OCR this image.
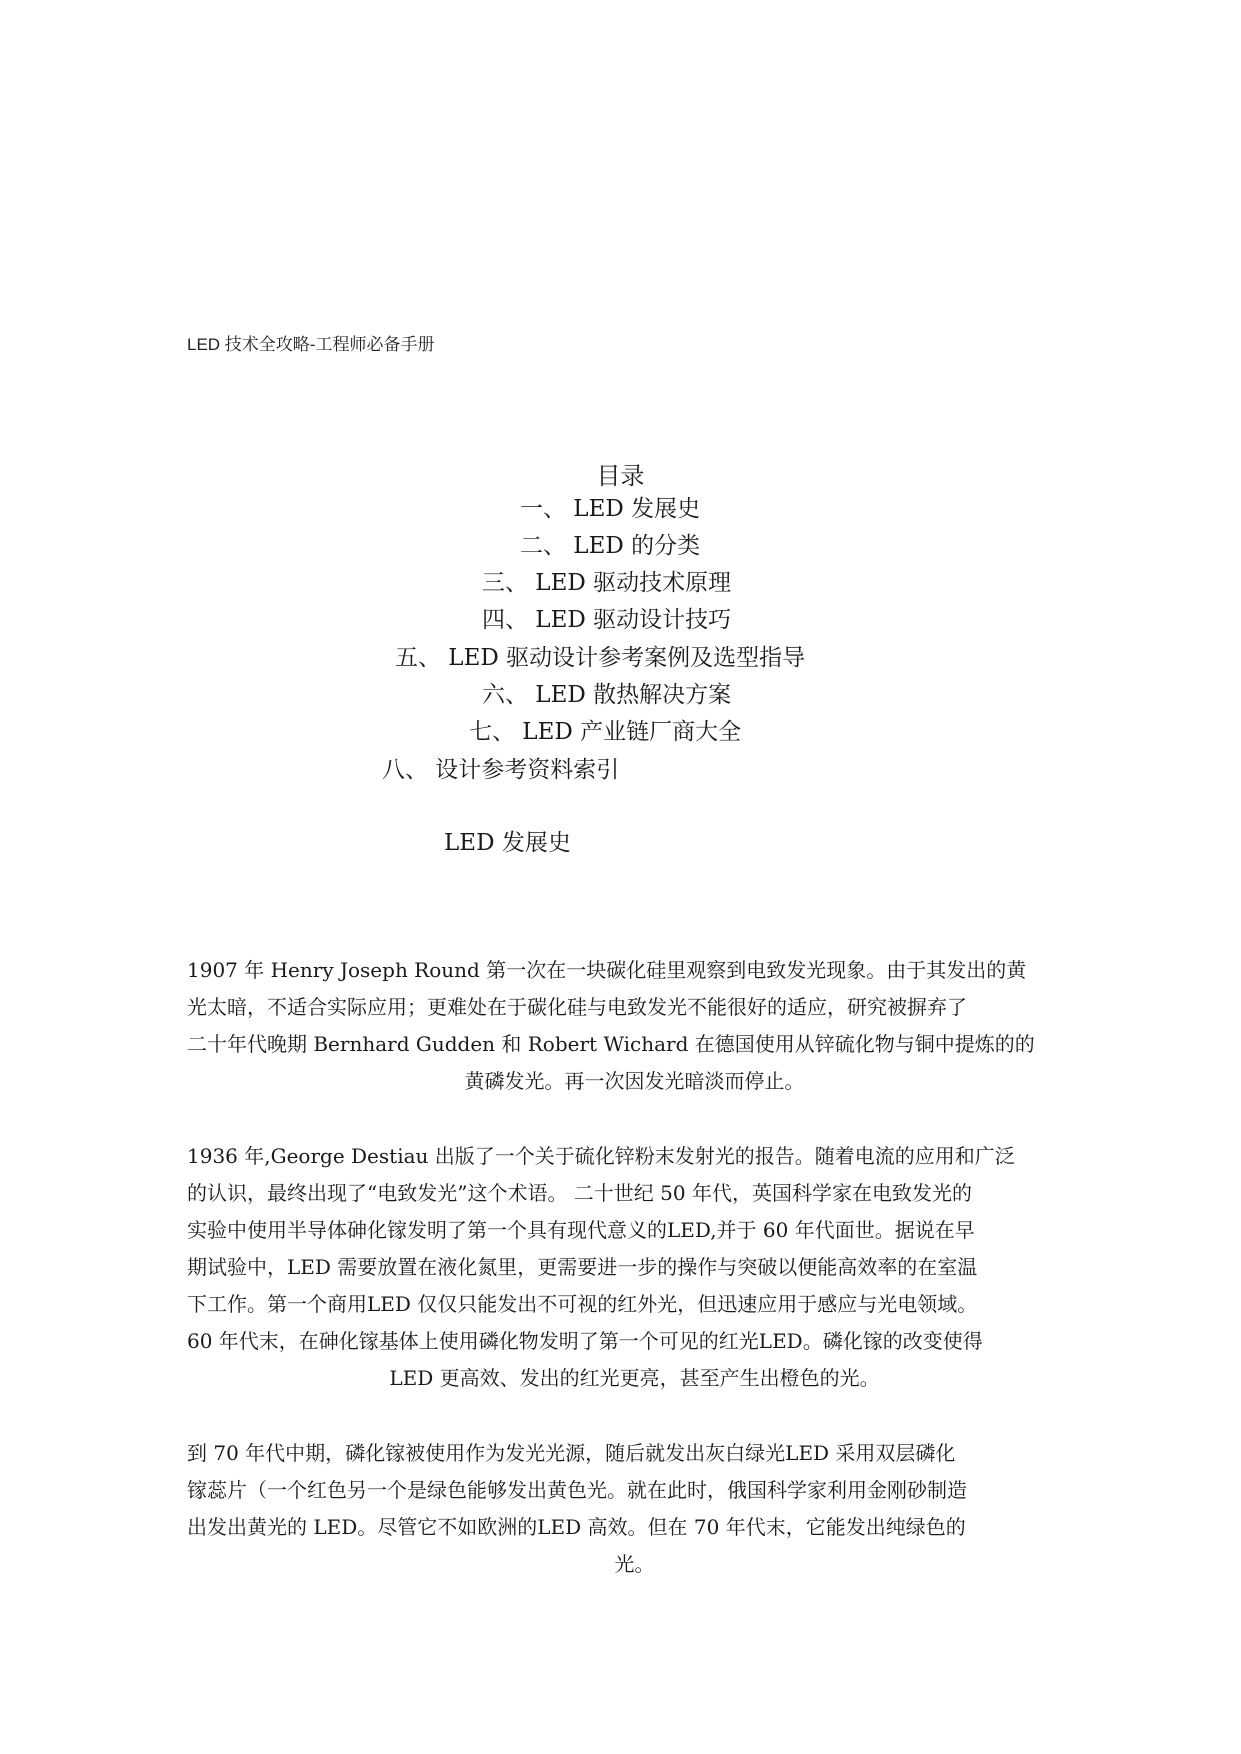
LED 技术全攻略-工程师必备手册
目录
一、 LED 发展史
二、 LED 的分类
三、 LED 驱动技术原理
四、 LED 驱动设计技巧
五、 LED 驱动设计参考案例及选型指导
六、 LED 散热解决方案
七、 LED 产业链厂商大全
八、 设计参考资料索引
LED 发展史
1907 年 Henry Joseph Round 第一次在一块碳化硅里观察到电致发光现象。由于其发出的黄
光太暗，不适合实际应用；更难处在于碳化硅与电致发光不能很好的适应，研究被摒弃了
二十年代晚期 Bernhard Gudden 和 Robert Wichard 在德国使用从锌硫化物与铜中提炼的的
黄磷发光。再一次因发光暗淡而停止。
1936 年,George Destiau 出版了一个关于硫化锌粉末发射光的报告。随着电流的应用和广泛
的认识，最终出现了“电致发光”这个术语。 二十世纪 50 年代，英国科学家在电致发光的
实验中使用半导体砷化镓发明了第一个具有现代意义的LED,并于 60 年代面世。据说在早
期试验中，LED 需要放置在液化氮里，更需要进一步的操作与突破以便能高效率的在室温
下工作。第一个商用LED 仅仅只能发出不可视的红外光，但迅速应用于感应与光电领域。
60 年代末，在砷化镓基体上使用磷化物发明了第一个可见的红光LED。磷化镓的改变使得
LED 更高效、发出的红光更亮，甚至产生出橙色的光。
到 70 年代中期，磷化镓被使用作为发光光源，随后就发出灰白绿光LED 采用双层磷化
镓蕊片（一个红色另一个是绿色能够发出黄色光。就在此时，俄国科学家利用金刚砂制造
出发出黄光的 LED。尽管它不如欧洲的LED 高效。但在 70 年代末，它能发出纯绿色的
光。
